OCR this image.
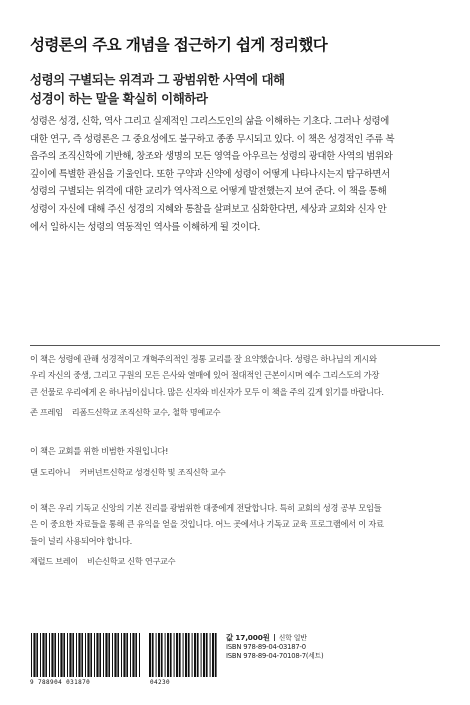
성령론의 주요 개념을 접근하기 쉽게 정리했다
성령의 구별되는 위격과 그 광범위한 사역에 대해
성경이 하는 말을 확실히 이해하라
성령은 성경, 신학, 역사 그리고 실제적인 그리스도인의 삶을 이해하는 기초다. 그러나 성령에
대한 연구, 즉 성령론은 그 중요성에도 불구하고 종종 무시되고 있다. 이 책은 성경적인 주류 복
음주의 조직신학에 기반해, 창조와 생명의 모든 영역을 아우르는 성령의 광대한 사역의 범위와
깊이에 특별한 관심을 기울인다. 또한 구약과 신약에 성령이 어떻게 나타나시는지 탐구하면서
성령의 구별되는 위격에 대한 교리가 역사적으로 어떻게 발전했는지 보여 준다. 이 책을 통해
성령이 자신에 대해 주신 성경의 지혜와 통찰을 살펴보고 심화한다면, 세상과 교회와 신자 안
에서 일하시는 성령의 역동적인 역사를 이해하게 될 것이다.
이 책은 성령에 관해 성경적이고 개혁주의적인 정통 교리를 잘 요약했습니다. 성령은 하나님의 게시와
우리 자신의 중생, 그리고 구원의 모든 은사와 열매에 있어 절대적인 근본이시며 예수 그리스도의 가장
큰 선물로 우리에게 온 하나님이십니다. 많은 신자와 비신자가 모두 이 책을 주의 깊게 읽기를 바랍니다.
존 프레임 리폼드신학교 조직신학 교수, 철학 명예교수
이 책은 교회를 위한 비범한 자원입니다!
댄 도리아니 커버넌트신학교 성경신학 및 조직신학 교수
이 책은 우리 기독교 신앙의 기본 진리를 광범위한 대중에게 전달합니다. 특히 교회의 성경 공부 모임들
은 이 중요한 자료들을 통해 큰 유익을 얻을 것입니다. 어느 곳에서나 기독교 교육 프로그램에서 이 자료
들이 널리 사용되어야 합니다.
제럴드 브레이 비슨신학교 신학 연구교수
9 788904 031870	04230
값 17,000원 신학 일반
ISBN 978-89-04-03187-0
ISBN 978-89-04-70108-7(세트)
